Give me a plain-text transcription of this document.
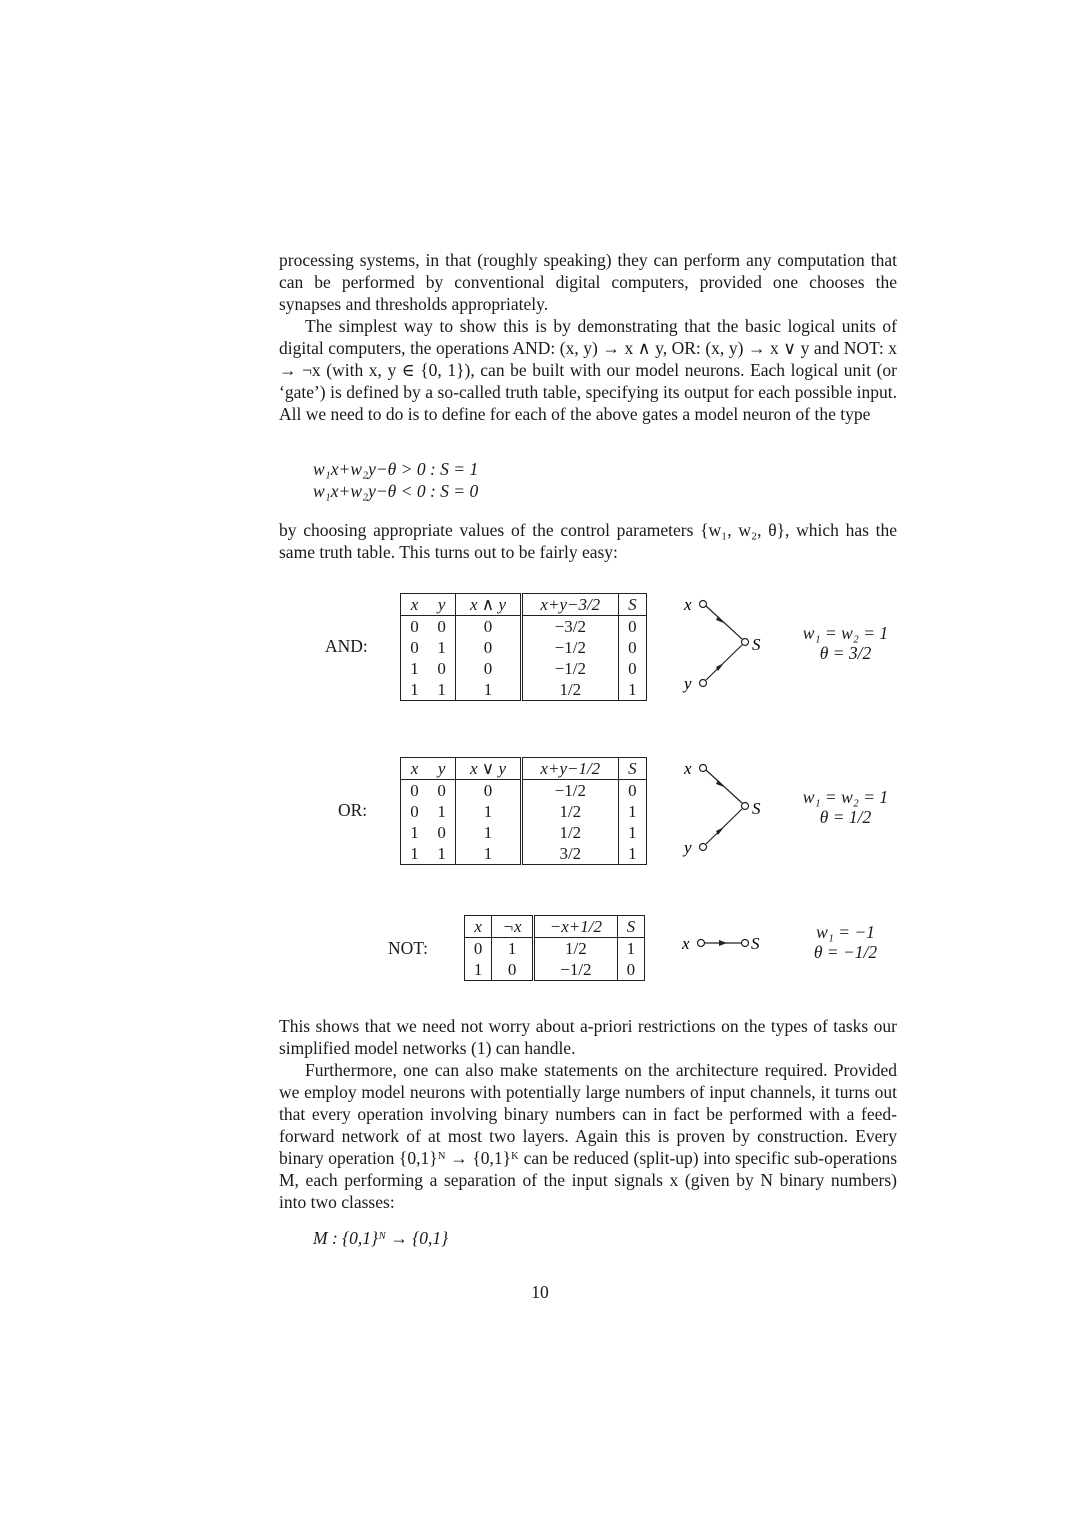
processing systems, in that (roughly speaking) they can perform any computation that can be performed by conventional digital computers, provided one chooses the synapses and thresholds appropriately.

The simplest way to show this is by demonstrating that the basic logical units of digital computers, the operations AND: (x, y) → x ∧ y, OR: (x, y) → x ∨ y and NOT: x → ¬x (with x, y ∈ {0, 1}), can be built with our model neurons. Each logical unit (or ‘gate’) is defined by a so-called truth table, specifying its output for each possible input. All we need to do is to define for each of the above gates a model neuron of the type

w₁x+w₂y−θ > 0 : S = 1
w₁x+w₂y−θ < 0 : S = 0
by choosing appropriate values of the control parameters {w₁, w₂, θ}, which has the same truth table. This turns out to be fairly easy:
AND:
x	y	x ∧ y	x+y−3/2	S
0	0	0	−3/2	0
0	1	0	−1/2	0
1	0	0	−1/2	0
1	1	1	1/2	1
x
S
y
w₁ = w₂ = 1
θ = 3/2
OR:
x	y	x ∨ y	x+y−1/2	S
0	0	0	−1/2	0
0	1	1	1/2	1
1	0	1	1/2	1
1	1	1	3/2	1
x
S
y
w₁ = w₂ = 1
θ = 1/2
NOT:
x	¬x	−x+1/2	S
0	1	1/2	1
1	0	−1/2	0
x	S
w₁ = −1
θ = −1/2

This shows that we need not worry about a-priori restrictions on the types of tasks our simplified model networks (1) can handle.

Furthermore, one can also make statements on the architecture required. Provided we employ model neurons with potentially large numbers of input channels, it turns out that every operation involving binary numbers can in fact be performed with a feed-forward network of at most two layers. Again this is proven by construction. Every binary operation {0,1}ᴺ → {0,1}ᴷ can be reduced (split-up) into specific sub-operations M, each performing a separation of the input signals x (given by N binary numbers) into two classes:

M : {0,1}ᴺ → {0,1}
10
